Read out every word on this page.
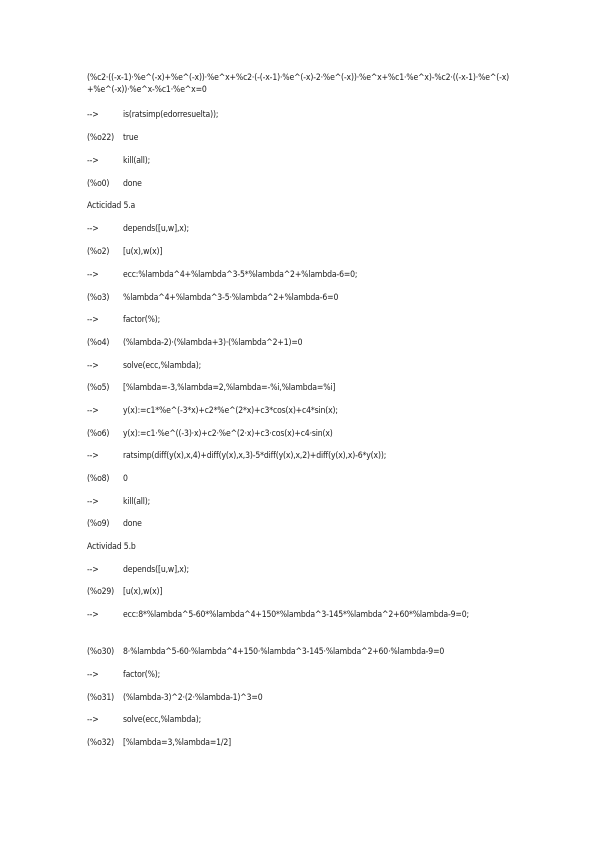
(%c2·((-x-1)·%e^(-x)+%e^(-x))·%e^x+%c2·(-(-x-1)·%e^(-x)-2·%e^(-x))·%e^x+%c1·%e^x)-%c2·((-x-1)·%e^(-x)+%e^(-x))·%e^x-%c1·%e^x=0
-->	is(ratsimp(edorresuelta));
(%o22)	true
-->	kill(all);
(%o0)	done
Acticidad 5.a
-->	depends([u,w],x);
(%o2)	[u(x),w(x)]
-->	ecc:%lambda^4+%lambda^3-5*%lambda^2+%lambda-6=0;
(%o3)	%lambda^4+%lambda^3-5·%lambda^2+%lambda-6=0
-->	factor(%);
(%o4)	(%lambda-2)·(%lambda+3)·(%lambda^2+1)=0
-->	solve(ecc,%lambda);
(%o5)	[%lambda=-3,%lambda=2,%lambda=-%i,%lambda=%i]
-->	y(x):=c1*%e^(-3*x)+c2*%e^(2*x)+c3*cos(x)+c4*sin(x);
(%o6)	y(x):=c1·%e^((-3)·x)+c2·%e^(2·x)+c3·cos(x)+c4·sin(x)
-->	ratsimp(diff(y(x),x,4)+diff(y(x),x,3)-5*diff(y(x),x,2)+diff(y(x),x)-6*y(x));
(%o8)	0
-->	kill(all);
(%o9)	done
Actividad 5.b
-->	depends([u,w],x);
(%o29)	[u(x),w(x)]
-->	ecc:8*%lambda^5-60*%lambda^4+150*%lambda^3-145*%lambda^2+60*%lambda-9=0;
(%o30)	8·%lambda^5-60·%lambda^4+150·%lambda^3-145·%lambda^2+60·%lambda-9=0
-->	factor(%);
(%o31)	(%lambda-3)^2·(2·%lambda-1)^3=0
-->	solve(ecc,%lambda);
(%o32)	[%lambda=3,%lambda=1/2]
